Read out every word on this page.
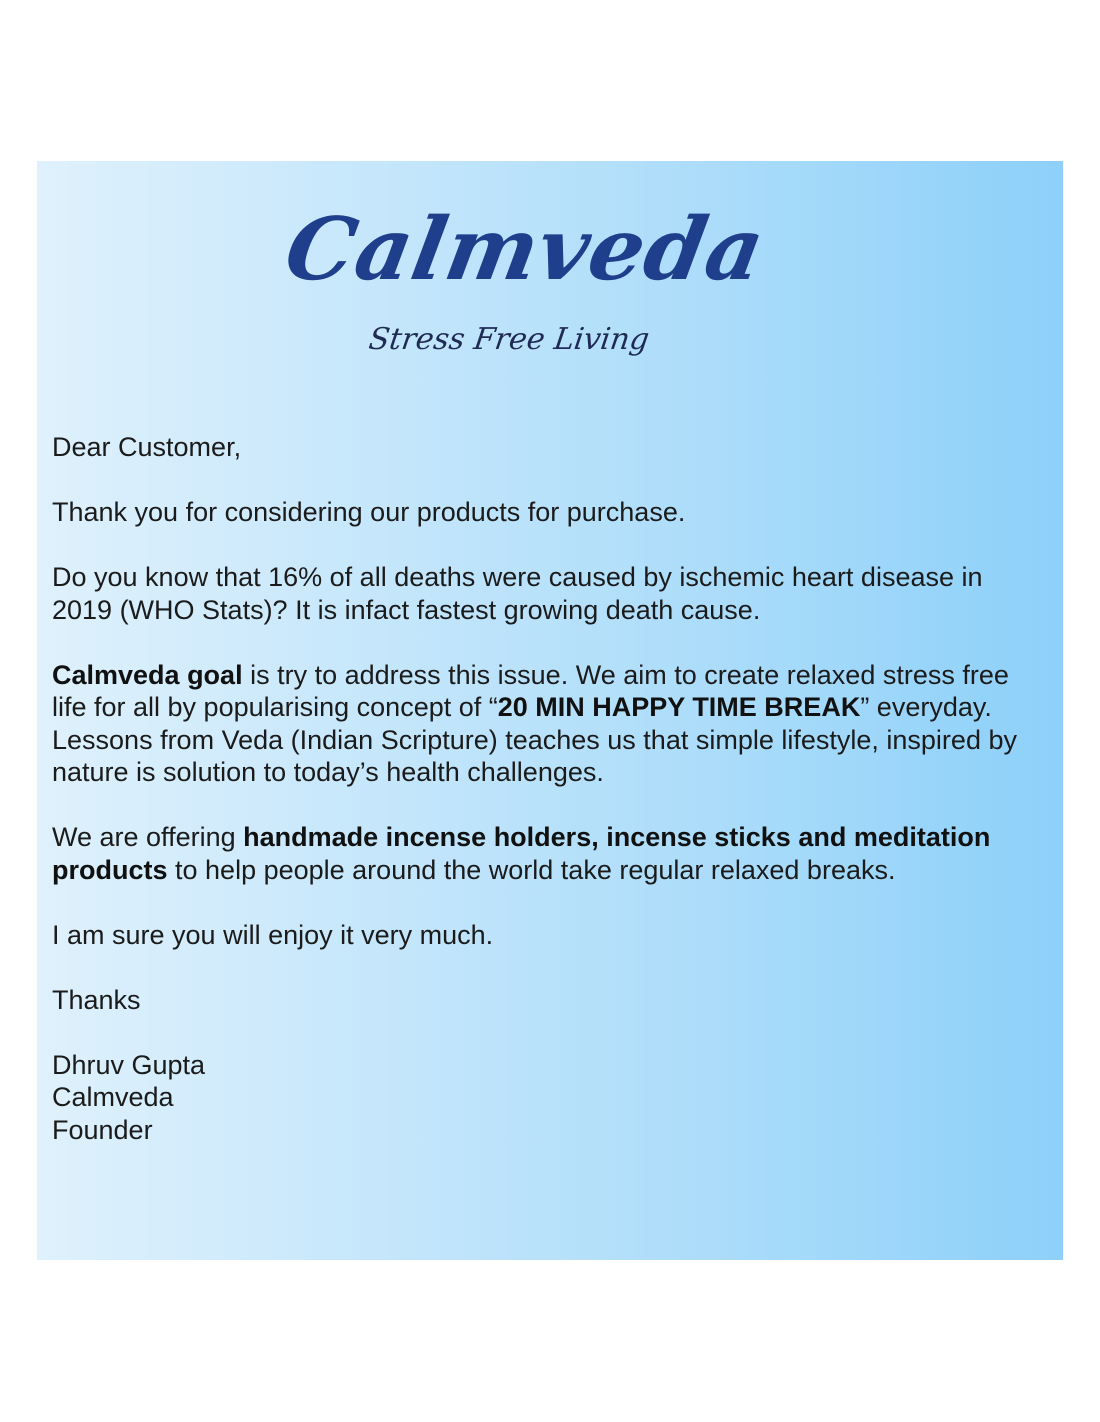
Calmveda
Stress Free Living

Dear Customer,

Thank you for considering our products for purchase.

Do you know that 16% of all deaths were caused by ischemic heart disease in 2019 (WHO Stats)? It is infact fastest growing death cause.

Calmveda goal is try to address this issue. We aim to create relaxed stress free life for all by popularising concept of “20 MIN HAPPY TIME BREAK” everyday. Lessons from Veda (Indian Scripture) teaches us that simple lifestyle, inspired by nature is solution to today’s health challenges.

We are offering handmade incense holders, incense sticks and meditation products to help people around the world take regular relaxed breaks.

I am sure you will enjoy it very much.

Thanks

Dhruv Gupta
Calmveda
Founder
